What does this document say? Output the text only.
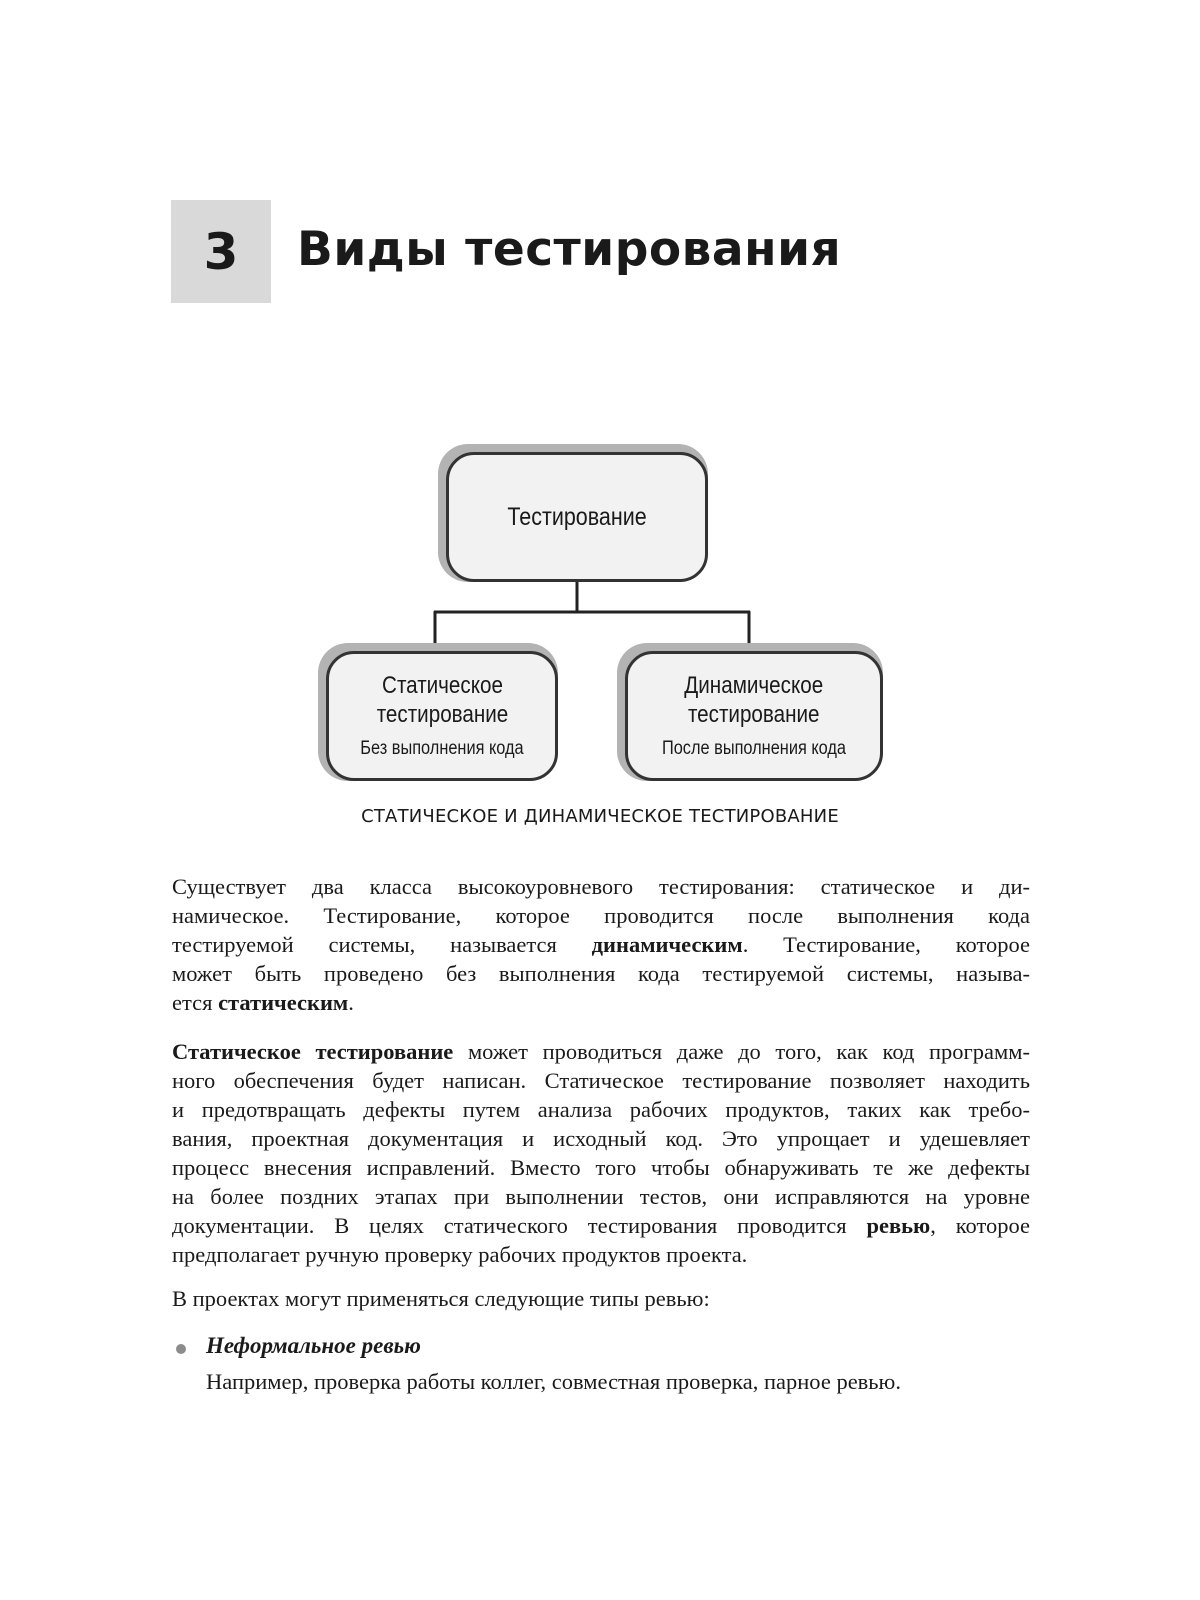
3 Виды тестирования
Тестирование
Статическое
тестирование
Без выполнения кода
Динамическое
тестирование
После выполнения кода
СТАТИЧЕСКОЕ И ДИНАМИЧЕСКОЕ ТЕСТИРОВАНИЕ
Существует два класса высокоуровневого тестирования: статическое и ди-
намическое. Тестирование, которое проводится после выполнения кода
тестируемой системы, называется динамическим. Тестирование, которое
может быть проведено без выполнения кода тестируемой системы, называ-
ется статическим.
Статическое тестирование может проводиться даже до того, как код программ-
ного обеспечения будет написан. Статическое тестирование позволяет находить
и предотвращать дефекты путем анализа рабочих продуктов, таких как требо-
вания, проектная документация и исходный код. Это упрощает и удешевляет
процесс внесения исправлений. Вместо того чтобы обнаруживать те же дефекты
на более поздних этапах при выполнении тестов, они исправляются на уровне
документации. В целях статического тестирования проводится ревью, которое
предполагает ручную проверку рабочих продуктов проекта.
В проектах могут применяться следующие типы ревью:
Неформальное ревью
Например, проверка работы коллег, совместная проверка, парное ревью.
